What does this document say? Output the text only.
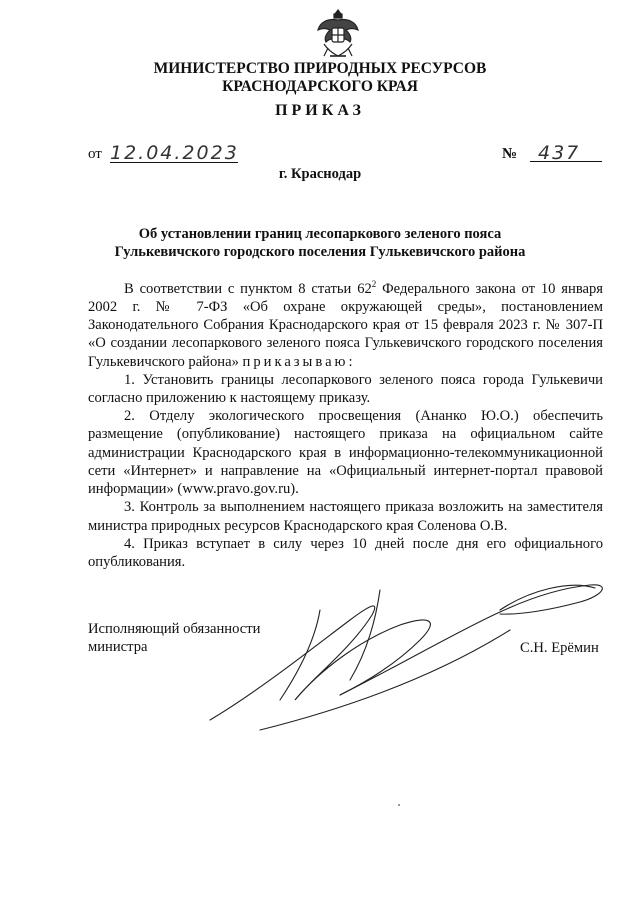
МИНИСТЕРСТВО ПРИРОДНЫХ РЕСУРСОВ
КРАСНОДАРСКОГО КРАЯ
ПРИКАЗ
от 12.04.2023	№	437
г. Краснодар
Об установлении границ лесопаркового зеленого пояса
Гулькевичского городского поселения Гулькевичского района

В соответствии с пунктом 8 статьи $62^2$ Федерального закона от 10 января 2002 г. № 7-ФЗ «Об охране окружающей среды», постановлением Законодательного Собрания Краснодарского края от 15 февраля 2023 г. № 307-П «О создании лесопаркового зеленого пояса Гулькевичского городского поселения Гулькевичского района» приказываю:

1. Установить границы лесопаркового зеленого пояса города Гулькевичи согласно приложению к настоящему приказу.

2. Отделу экологического просвещения (Ананко Ю.О.) обеспечить размещение (опубликование) настоящего приказа на официальном сайте администрации Краснодарского края в информационно-телекоммуникационной сети «Интернет» и направление на «Официальный интернет-портал правовой информации» (www.pravo.gov.ru).

3. Контроль за выполнением настоящего приказа возложить на заместителя министра природных ресурсов Краснодарского края Соленова О.В.

4. Приказ вступает в силу через 10 дней после дня его официального опубликования.

Исполняющий обязанности
министра	С.Н. Ерёмин
